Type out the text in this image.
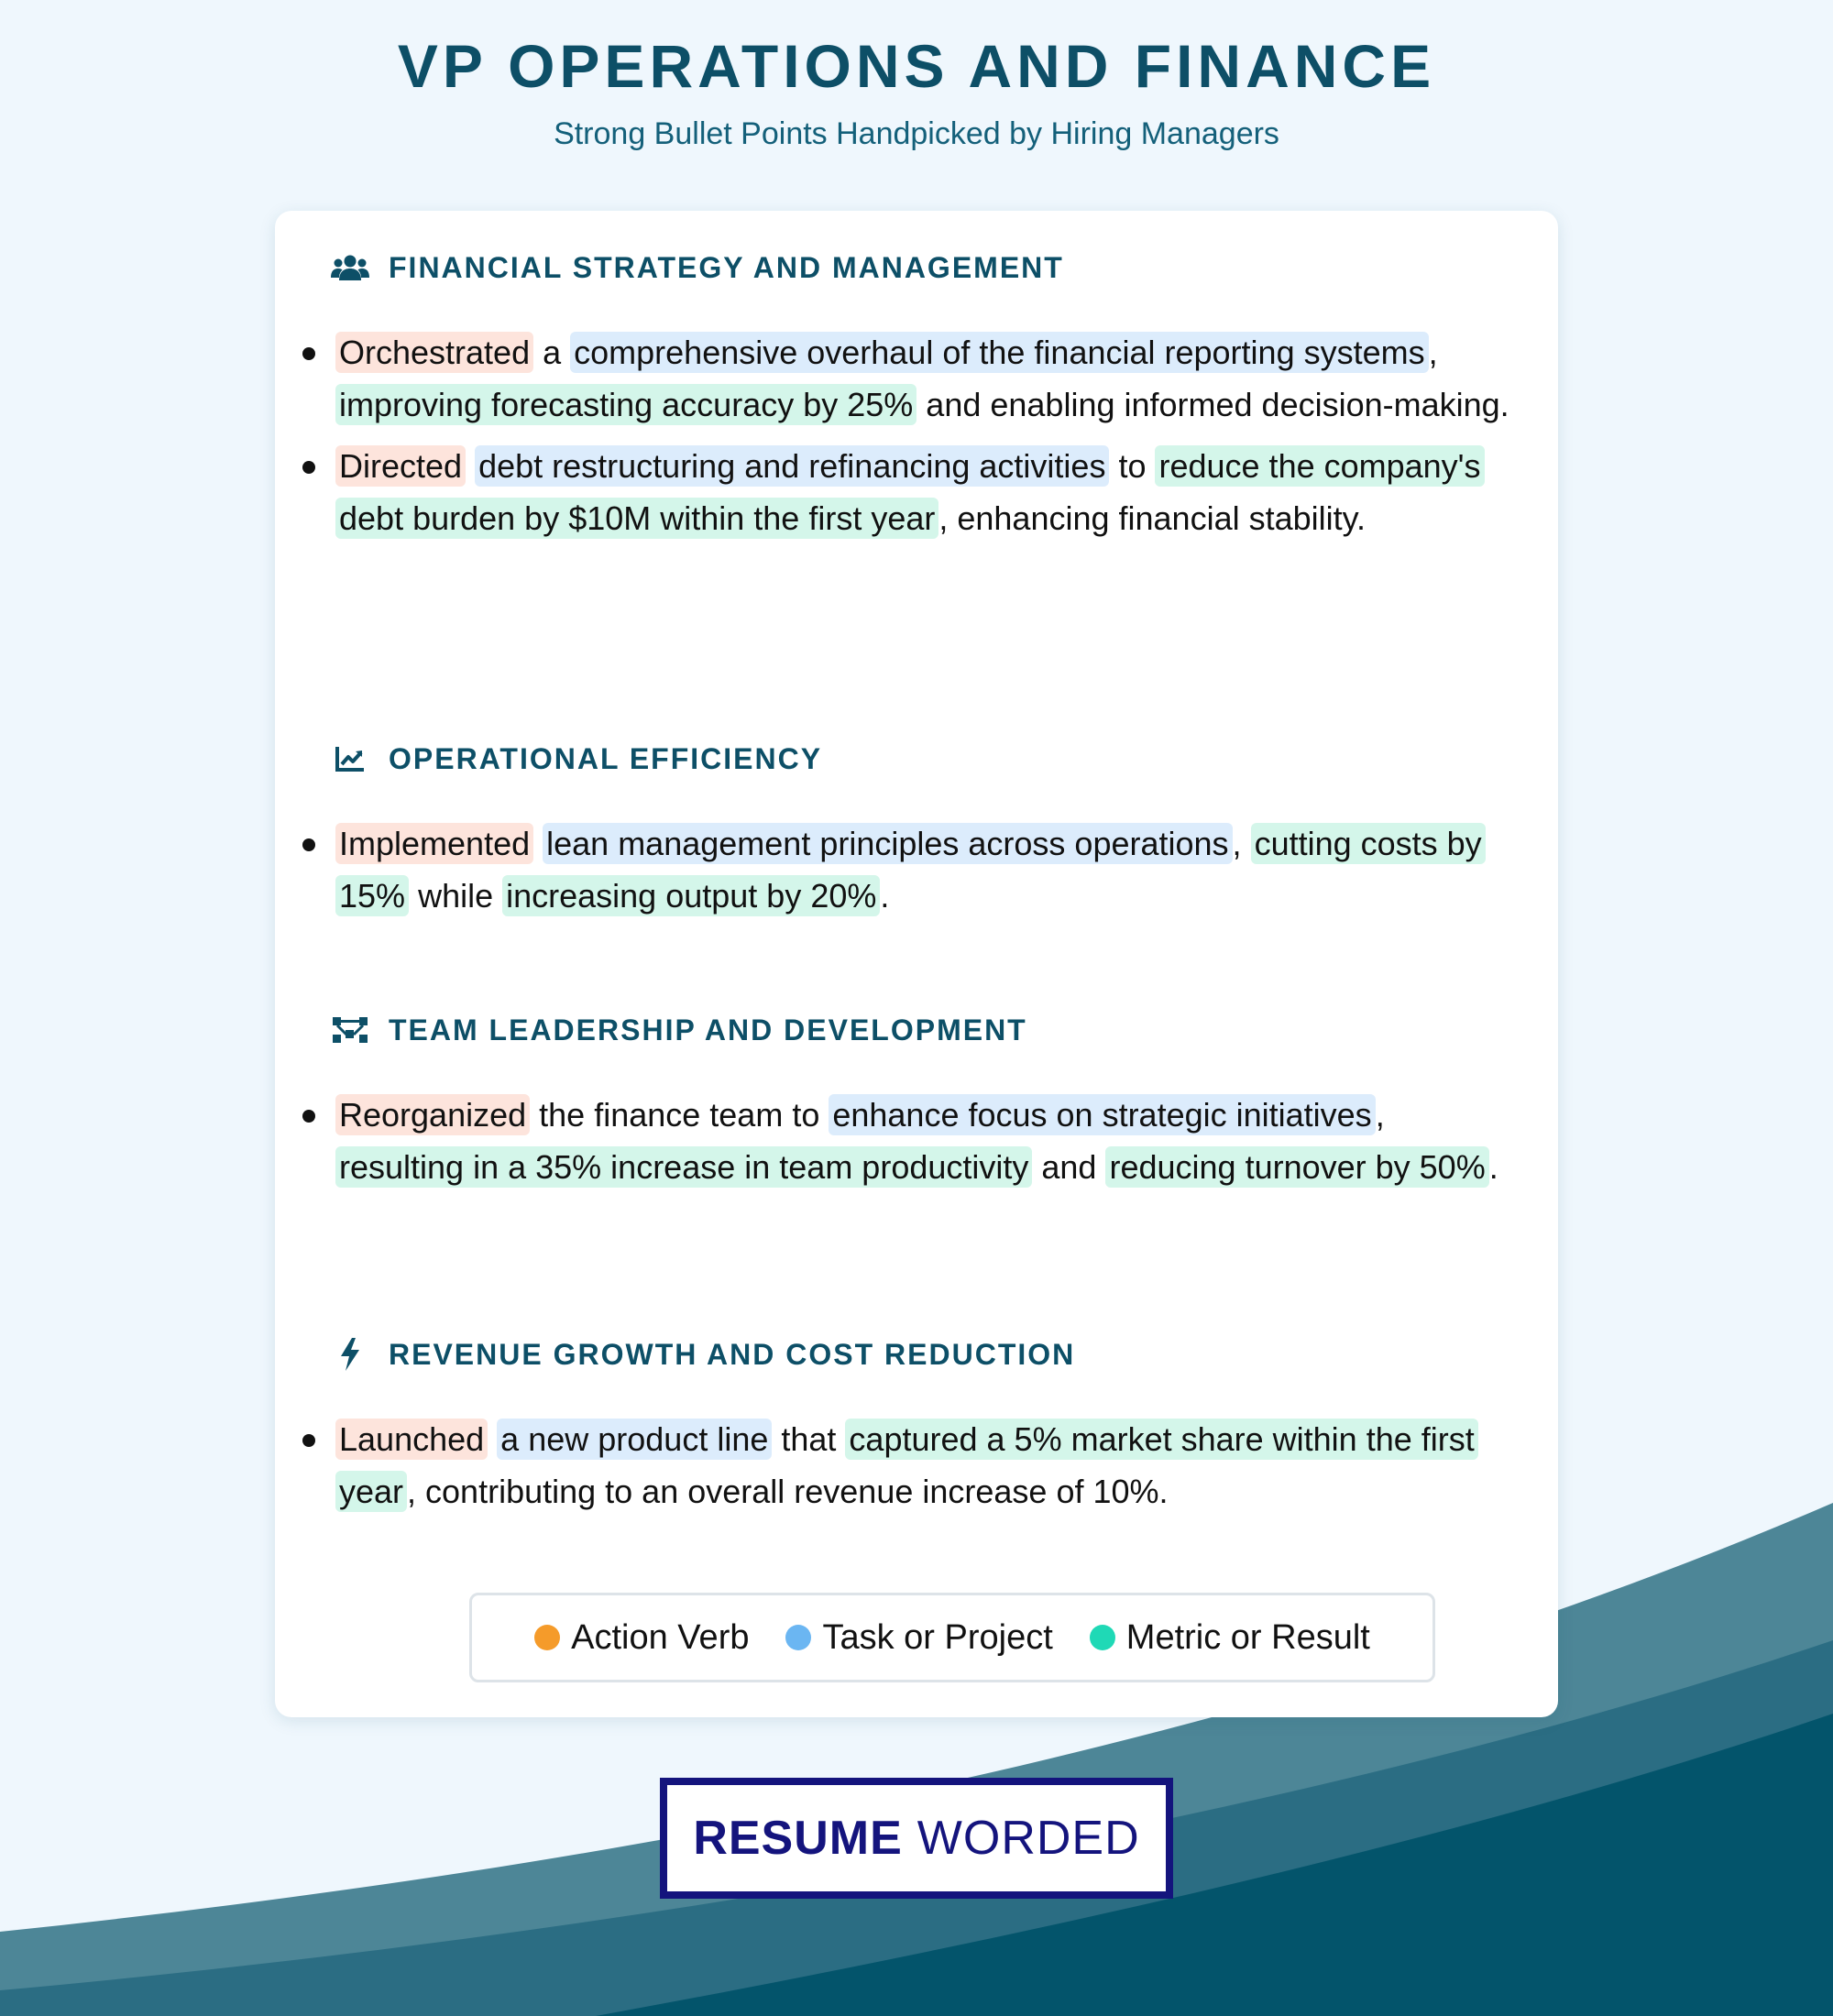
VP OPERATIONS AND FINANCE

Strong Bullet Points Handpicked by Hiring Managers

FINANCIAL STRATEGY AND MANAGEMENT
Orchestrated a comprehensive overhaul of the financial reporting systems , improving forecasting accuracy by 25% and enabling informed decision-making.
Directed debt restructuring and refinancing activities to reduce the company's debt burden by $10M within the first year , enhancing financial stability.
OPERATIONAL EFFICIENCY
Implemented lean management principles across operations , cutting costs by 15% while increasing output by 20% .
TEAM LEADERSHIP AND DEVELOPMENT
Reorganized the finance team to enhance focus on strategic initiatives , resulting in a 35% increase in team productivity and reducing turnover by 50% .
REVENUE GROWTH AND COST REDUCTION
Launched a new product line that captured a 5% market share within the first year , contributing to an overall revenue increase of 10%.
Action Verb Task or Project Metric or Result
RESUME WORDED
